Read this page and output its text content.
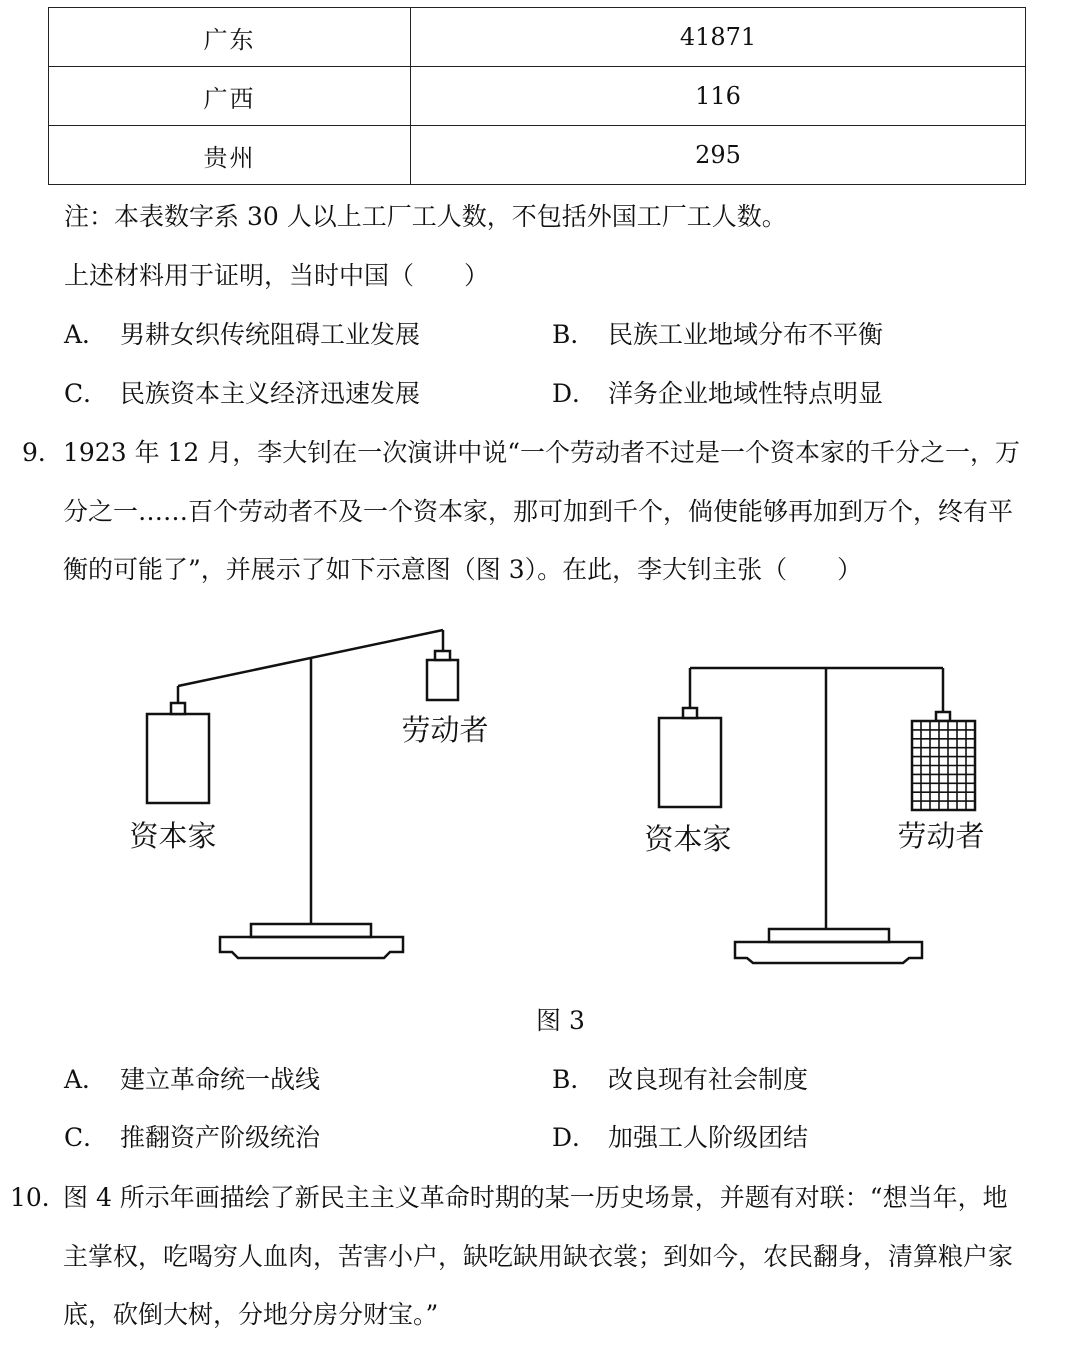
广东	41871
广西	116
贵州	295
注：本表数字系 30 人以上工厂工人数，不包括外国工厂工人数。
上述材料用于证明，当时中国（　　）
A． 男耕女织传统阻碍工业发展	B． 民族工业地域分布不平衡
C． 民族资本主义经济迅速发展	D． 洋务企业地域性特点明显
9． 1923 年 12 月，李大钊在一次演讲中说“一个劳动者不过是一个资本家的千分之一，万
分之一……百个劳动者不及一个资本家，那可加到千个，倘使能够再加到万个，终有平
衡的可能了”，并展示了如下示意图（图 3）。在此，李大钊主张（　　）
资本家
劳动者
资本家	劳动者
图 3
A． 建立革命统一战线	B． 改良现有社会制度
C． 推翻资产阶级统治	D． 加强工人阶级团结
10．
图 4 所示年画描绘了新民主主义革命时期的某一历史场景，并题有对联：“想当年，地
主掌权，吃喝穷人血肉，苦害小户，缺吃缺用缺衣裳；到如今，农民翻身，清算粮户家
底，砍倒大树，分地分房分财宝。”
